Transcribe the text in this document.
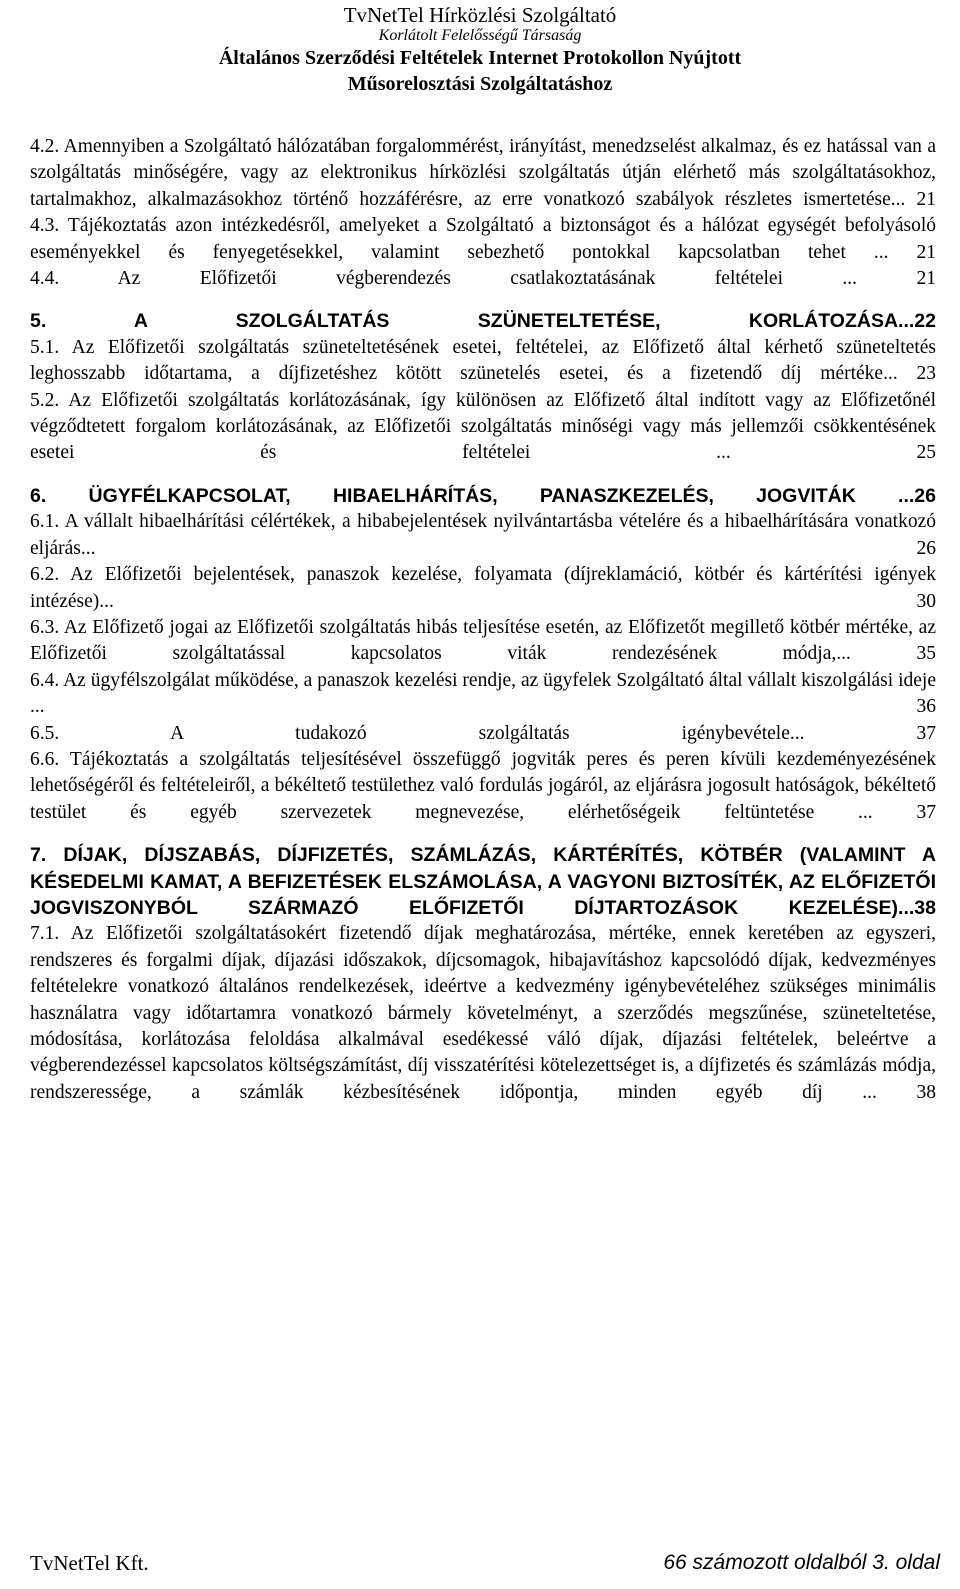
TvNetTel Hírközlési Szolgáltató
Korlátolt Felelősségű Társaság
Általános Szerződési Feltételek Internet Protokollon Nyújtott
Műsorelosztási Szolgáltatáshoz

4.2. Amennyiben a Szolgáltató hálózatában forgalommérést, irányítást, menedzselést alkalmaz, és ez hatással van a szolgáltatás minőségére, vagy az elektronikus hírközlési szolgáltatás útján elérhető más szolgáltatásokhoz, tartalmakhoz, alkalmazásokhoz történő hozzáférésre, az erre vonatkozó szabályok részletes ismertetése... 21

4.3. Tájékoztatás azon intézkedésről, amelyeket a Szolgáltató a biztonságot és a hálózat egységét befolyásoló eseményekkel és fenyegetésekkel, valamint sebezhető pontokkal kapcsolatban tehet ... 21

4.4. Az Előfizetői végberendezés csatlakoztatásának feltételei ...	21

5. A SZOLGÁLTATÁS SZÜNETELTETÉSE, KORLÁTOZÁSA...22

5.1. Az Előfizetői szolgáltatás szüneteltetésének esetei, feltételei, az Előfizető által kérhető szüneteltetés leghosszabb időtartama, a díjfizetéshez kötött szünetelés esetei, és a fizetendő díj mértéke... 23

5.2. Az Előfizetői szolgáltatás korlátozásának, így különösen az Előfizető által indított vagy az Előfizetőnél végződtetett forgalom korlátozásának, az Előfizetői szolgáltatás minőségi vagy más jellemzői csökkentésének esetei és feltételei ...	25

6. ÜGYFÉLKAPCSOLAT, HIBAELHÁRÍTÁS, PANASZKEZELÉS, JOGVITÁK ...26

6.1. A vállalt hibaelhárítási célértékek, a hibabejelentések nyilvántartásba vételére és a hibaelhárítására vonatkozó eljárás...	26

6.2. Az Előfizetői bejelentések, panaszok kezelése, folyamata (díjreklamáció, kötbér és kártérítési igények intézése)...	30

6.3. Az Előfizető jogai az Előfizetői szolgáltatás hibás teljesítése esetén, az Előfizetőt megillető kötbér mértéke, az Előfizetői szolgáltatással kapcsolatos viták rendezésének módja,...	35

6.4. Az ügyfélszolgálat működése, a panaszok kezelési rendje, az ügyfelek Szolgáltató által vállalt kiszolgálási ideje ...	36

6.5. A tudakozó szolgáltatás igénybevétele...	37

6.6. Tájékoztatás a szolgáltatás teljesítésével összefüggő jogviták peres és peren kívüli kezdeményezésének lehetőségéről és feltételeiről, a békéltető testülethez való fordulás jogáról, az eljárásra jogosult hatóságok, békéltető testület és egyéb szervezetek megnevezése, elérhetőségeik feltüntetése ... 37

7. DÍJAK, DÍJSZABÁS, DÍJFIZETÉS, SZÁMLÁZÁS, KÁRTÉRÍTÉS, KÖTBÉR (VALAMINT A KÉSEDELMI KAMAT, A BEFIZETÉSEK ELSZÁMOLÁSA, A VAGYONI BIZTOSÍTÉK, AZ ELŐFIZETŐI JOGVISZONYBÓL SZÁRMAZÓ ELŐFIZETŐI DÍJTARTOZÁSOK KEZELÉSE)...38

7.1. Az Előfizetői szolgáltatásokért fizetendő díjak meghatározása, mértéke, ennek keretében az egyszeri, rendszeres és forgalmi díjak, díjazási időszakok, díjcsomagok, hibajavításhoz kapcsolódó díjak, kedvezményes feltételekre vonatkozó általános rendelkezések, ideértve a kedvezmény igénybevételéhez szükséges minimális használatra vagy időtartamra vonatkozó bármely követelményt, a szerződés megszűnése, szüneteltetése, módosítása, korlátozása feloldása alkalmával esedékessé váló díjak, díjazási feltételek, beleértve a végberendezéssel kapcsolatos költségszámítást, díj visszatérítési kötelezettséget is, a díjfizetés és számlázás módja, rendszeressége, a számlák kézbesítésének időpontja, minden egyéb díj ... 38

TvNetTel Kft.	66 számozott oldalból 3. oldal
